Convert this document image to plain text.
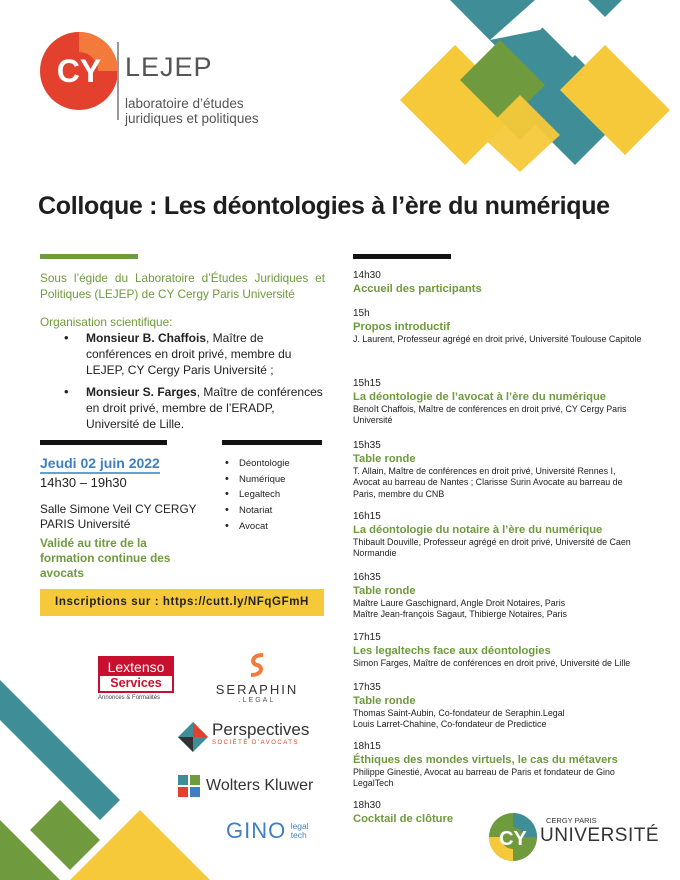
CY LEJEP
laboratoire d’études
juridiques et politiques
Colloque : Les déontologies à l’ère du numérique
Sous l’égide du Laboratoire d’Études Juridiques et Politiques (LEJEP) de CY Cergy Paris Université
Organisation scientifique:
• Monsieur B. Chaffois, Maître de conférences en droit privé, membre du LEJEP, CY Cergy Paris Université ;
• Monsieur S. Farges, Maître de conférences en droit privé, membre de l’ERADP, Université de Lille.
Jeudi 02 juin 2022
14h30 – 19h30
Salle Simone Veil CY CERGY PARIS Université
Validé au titre de la formation continue des avocats
• Déontologie
• Numérique
• Legaltech
• Notariat
• Avocat
Inscriptions sur : https://cutt.ly/NFqGFmH
14h30
Accueil des participants
15h
Propos introductif
J. Laurent, Professeur agrégé en droit privé, Université Toulouse Capitole
15h15
La déontologie de l’avocat à l’ère du numérique
Benoît Chaffois, Maître de conférences en droit privé, CY Cergy Paris Université
15h35
Table ronde
T. Allain, Maître de conférences en droit privé, Université Rennes I, Avocat au barreau de Nantes ; Clarisse Surin Avocate au barreau de Paris, membre du CNB
16h15
La déontologie du notaire à l’ère du numérique
Thibault Douville, Professeur agrégé en droit privé, Université de Caen Normandie
16h35
Table ronde
Maître Laure Gaschignard, Angle Droit Notaires, Paris
Maître Jean-françois Sagaut, Thibierge Notaires, Paris
17h15
Les legaltechs face aux déontologies
Simon Farges, Maître de conférences en droit privé, Université de Lille
17h35
Table ronde
Thomas Saint-Aubin, Co-fondateur de Seraphin.Legal
Louis Larret-Chahine, Co-fondateur de Predictice
18h15
Éthiques des mondes virtuels, le cas du métavers
Philippe Ginestié, Avocat au barreau de Paris et fondateur de Gino LegalTech
18h30
Cocktail de clôture
Lextenso
Services
Annonces & Formalités
SERAPHIN
.LEGAL
Perspectives
SOCIÉTÉ D’AVOCATS
Wolters Kluwer
GINO legal
tech	CY
CERGY PARIS
UNIVERSITÉ
